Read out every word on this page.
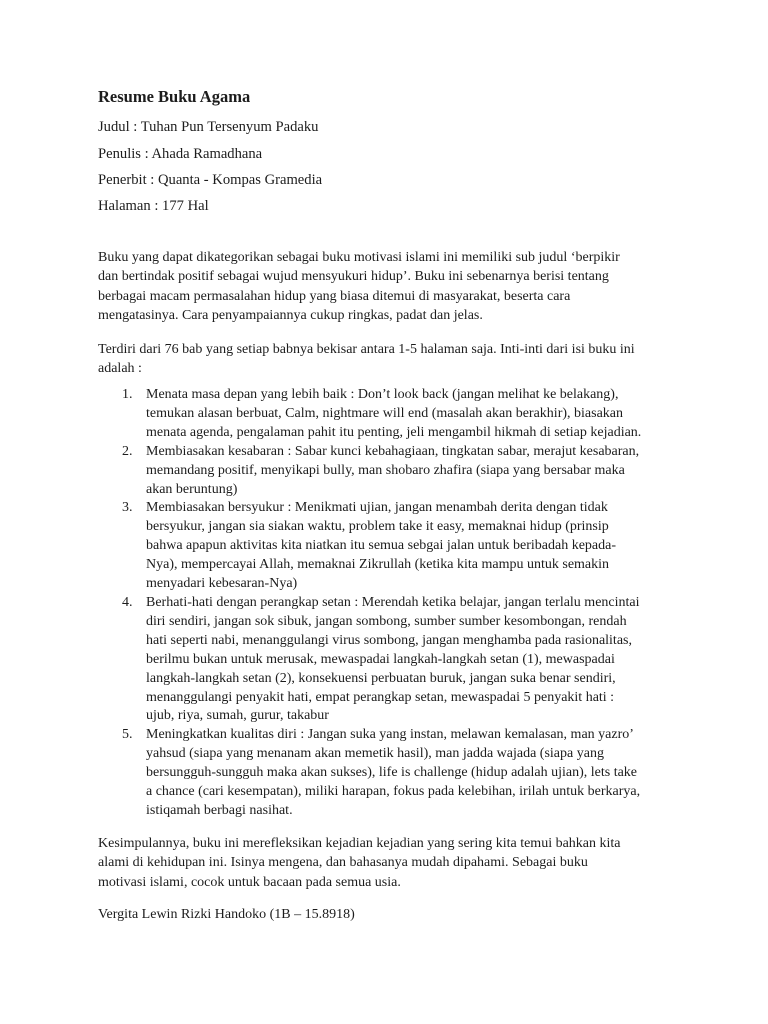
Resume Buku Agama
Judul : Tuhan Pun Tersenyum Padaku
Penulis : Ahada Ramadhana
Penerbit : Quanta - Kompas Gramedia
Halaman : 177 Hal

Buku yang dapat dikategorikan sebagai buku motivasi islami ini memiliki sub judul ‘berpikir
dan bertindak positif sebagai wujud mensyukuri hidup’. Buku ini sebenarnya berisi tentang
berbagai macam permasalahan hidup yang biasa ditemui di masyarakat, beserta cara
mengatasinya. Cara penyampaiannya cukup ringkas, padat dan jelas.

Terdiri dari 76 bab yang setiap babnya bekisar antara 1-5 halaman saja. Inti-inti dari isi buku ini
adalah :

1. Menata masa depan yang lebih baik : Don’t look back (jangan melihat ke belakang),
temukan alasan berbuat, Calm, nightmare will end (masalah akan berakhir), biasakan
menata agenda, pengalaman pahit itu penting, jeli mengambil hikmah di setiap kejadian.
2. Membiasakan kesabaran : Sabar kunci kebahagiaan, tingkatan sabar, merajut kesabaran,
memandang positif, menyikapi bully, man shobaro zhafira (siapa yang bersabar maka
akan beruntung)
3. Membiasakan bersyukur : Menikmati ujian, jangan menambah derita dengan tidak
bersyukur, jangan sia siakan waktu, problem take it easy, memaknai hidup (prinsip
bahwa apapun aktivitas kita niatkan itu semua sebgai jalan untuk beribadah kepada-
Nya), mempercayai Allah, memaknai Zikrullah (ketika kita mampu untuk semakin
menyadari kebesaran-Nya)
4. Berhati-hati dengan perangkap setan : Merendah ketika belajar, jangan terlalu mencintai
diri sendiri, jangan sok sibuk, jangan sombong, sumber sumber kesombongan, rendah
hati seperti nabi, menanggulangi virus sombong, jangan menghamba pada rasionalitas,
berilmu bukan untuk merusak, mewaspadai langkah-langkah setan (1), mewaspadai
langkah-langkah setan (2), konsekuensi perbuatan buruk, jangan suka benar sendiri,
menanggulangi penyakit hati, empat perangkap setan, mewaspadai 5 penyakit hati :
ujub, riya, sumah, gurur, takabur
5. Meningkatkan kualitas diri : Jangan suka yang instan, melawan kemalasan, man yazro’
yahsud (siapa yang menanam akan memetik hasil), man jadda wajada (siapa yang
bersungguh-sungguh maka akan sukses), life is challenge (hidup adalah ujian), lets take
a chance (cari kesempatan), miliki harapan, fokus pada kelebihan, irilah untuk berkarya,
istiqamah berbagi nasihat.

Kesimpulannya, buku ini merefleksikan kejadian kejadian yang sering kita temui bahkan kita
alami di kehidupan ini. Isinya mengena, dan bahasanya mudah dipahami. Sebagai buku
motivasi islami, cocok untuk bacaan pada semua usia.

Vergita Lewin Rizki Handoko (1B – 15.8918)
